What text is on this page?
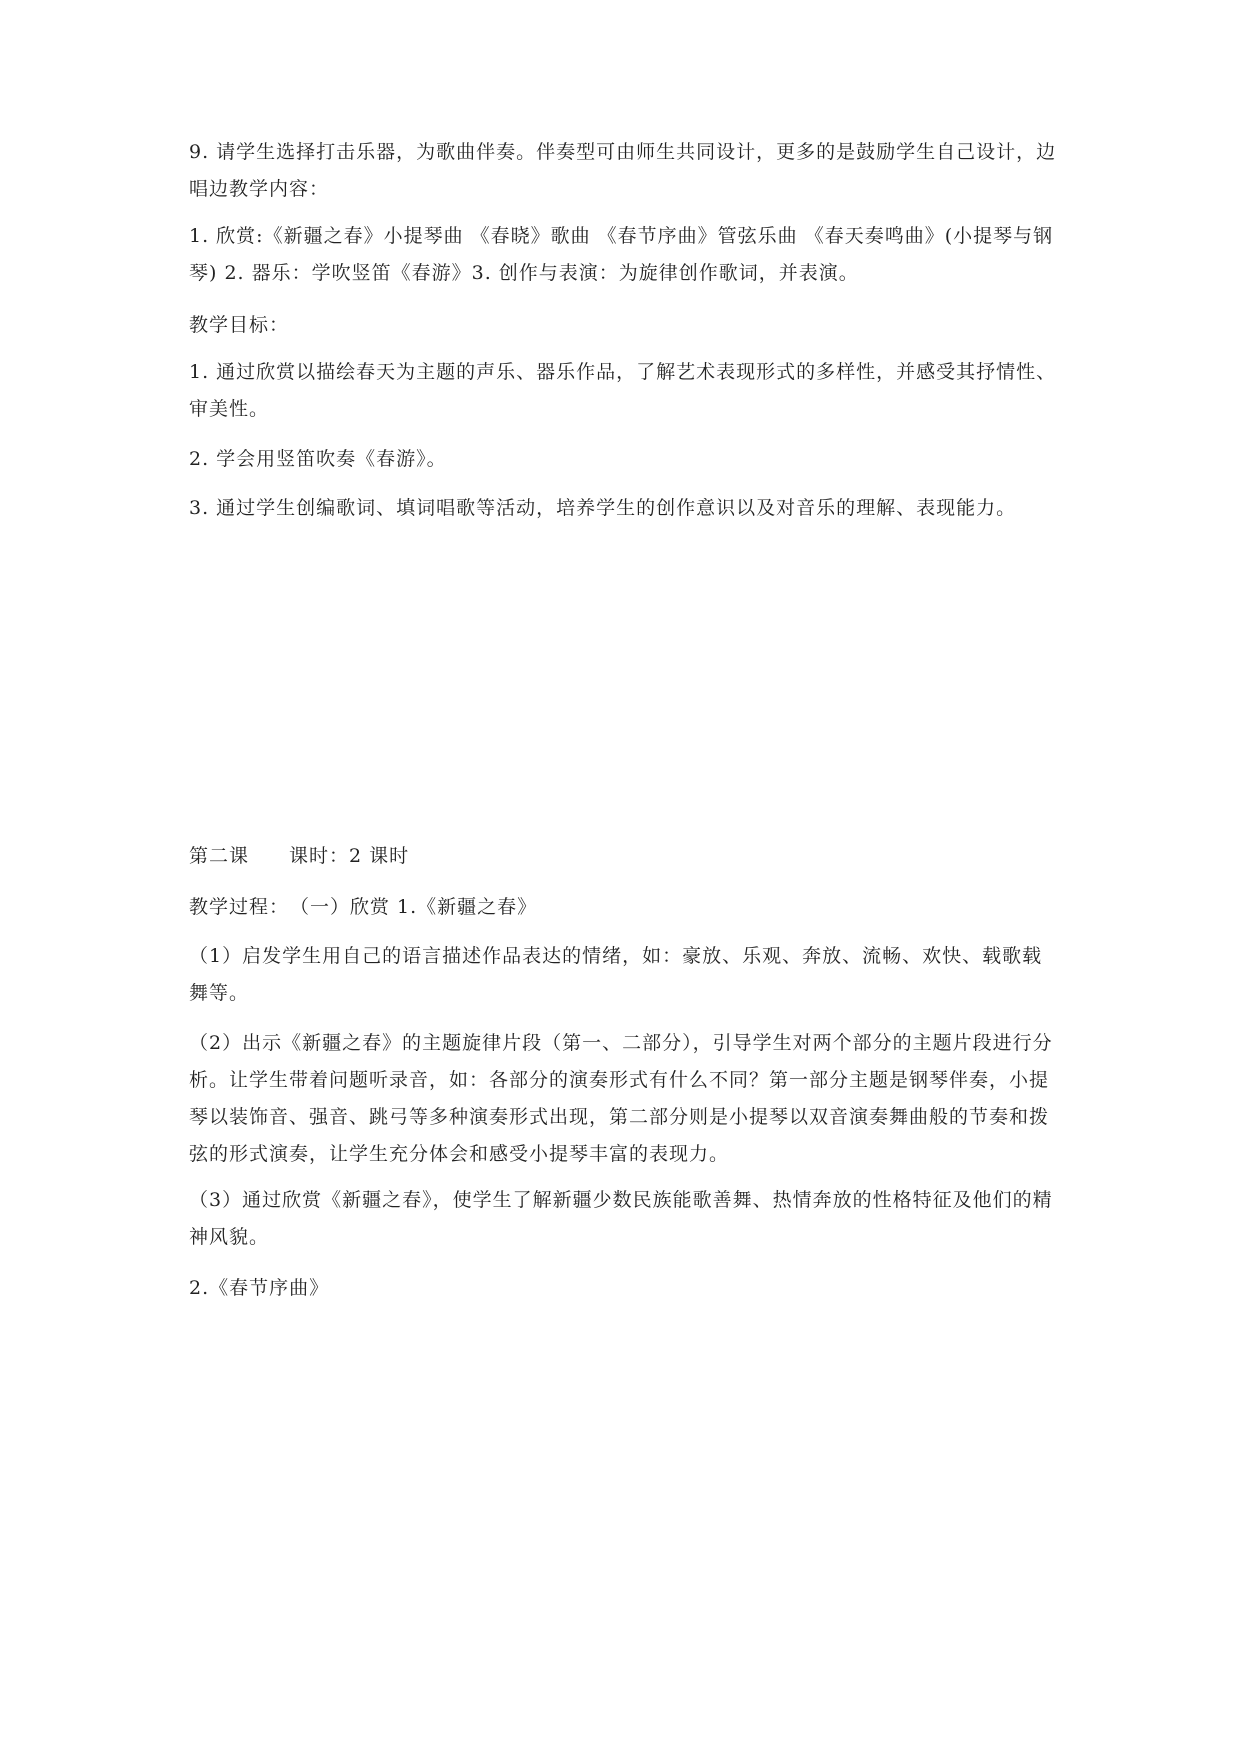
9. 请学生选择打击乐器，为歌曲伴奏。伴奏型可由师生共同设计，更多的是鼓励学生自己设计，边唱边教学内容：

1. 欣赏:《新疆之春》小提琴曲 《春晓》歌曲 《春节序曲》管弦乐曲 《春天奏鸣曲》(小提琴与钢琴) 2. 器乐：学吹竖笛《春游》3. 创作与表演：为旋律创作歌词，并表演。

教学目标：

1. 通过欣赏以描绘春天为主题的声乐、器乐作品，了解艺术表现形式的多样性，并感受其抒情性、审美性。

2. 学会用竖笛吹奏《春游》。

3. 通过学生创编歌词、填词唱歌等活动，培养学生的创作意识以及对音乐的理解、表现能力。

第二课　　课时：2 课时

教学过程：　（一）欣赏 1.《新疆之春》

（1）启发学生用自己的语言描述作品表达的情绪，如：豪放、乐观、奔放、流畅、欢快、载歌载舞等。

（2）出示《新疆之春》的主题旋律片段（第一、二部分），引导学生对两个部分的主题片段进行分析。让学生带着问题听录音，如：各部分的演奏形式有什么不同？第一部分主题是钢琴伴奏，小提琴以装饰音、强音、跳弓等多种演奏形式出现，第二部分则是小提琴以双音演奏舞曲般的节奏和拨弦的形式演奏，让学生充分体会和感受小提琴丰富的表现力。

（3）通过欣赏《新疆之春》，使学生了解新疆少数民族能歌善舞、热情奔放的性格特征及他们的精神风貌。

2.《春节序曲》
